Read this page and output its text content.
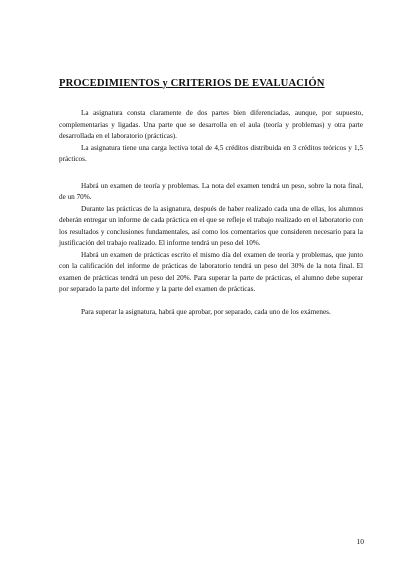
PROCEDIMIENTOS y CRITERIOS DE EVALUACIÓN

La asignatura consta claramente de dos partes bien diferenciadas, aunque, por supuesto, complementarias y ligadas. Una parte que se desarrolla en el aula (teoría y problemas) y otra parte desarrollada en el laboratorio (prácticas).

La asignatura tiene una carga lectiva total de 4,5 créditos distribuida en 3 créditos teóricos y 1,5 prácticos.

Habrá un examen de teoría y problemas. La nota del examen tendrá un peso, sobre la nota final, de un 70%.

Durante las prácticas de la asignatura, después de haber realizado cada una de ellas, los alumnos deberán entregar un informe de cada práctica en el que se refleje el trabajo realizado en el laboratorio con los resultados y conclusiones fundamentales, así como los comentarios que consideren necesario para la justificación del trabajo realizado. El informe tendrá un peso del 10%.

Habrá un examen de prácticas escrito el mismo día del examen de teoría y problemas, que junto con la calificación del informe de prácticas de laboratorio tendrá un peso del 30% de la nota final. El examen de prácticas tendrá un peso del 20%. Para superar la parte de prácticas, el alumno debe superar por separado la parte del informe y la parte del examen de prácticas.

Para superar la asignatura, habrá que aprobar, por separado, cada uno de los exámenes.

10
